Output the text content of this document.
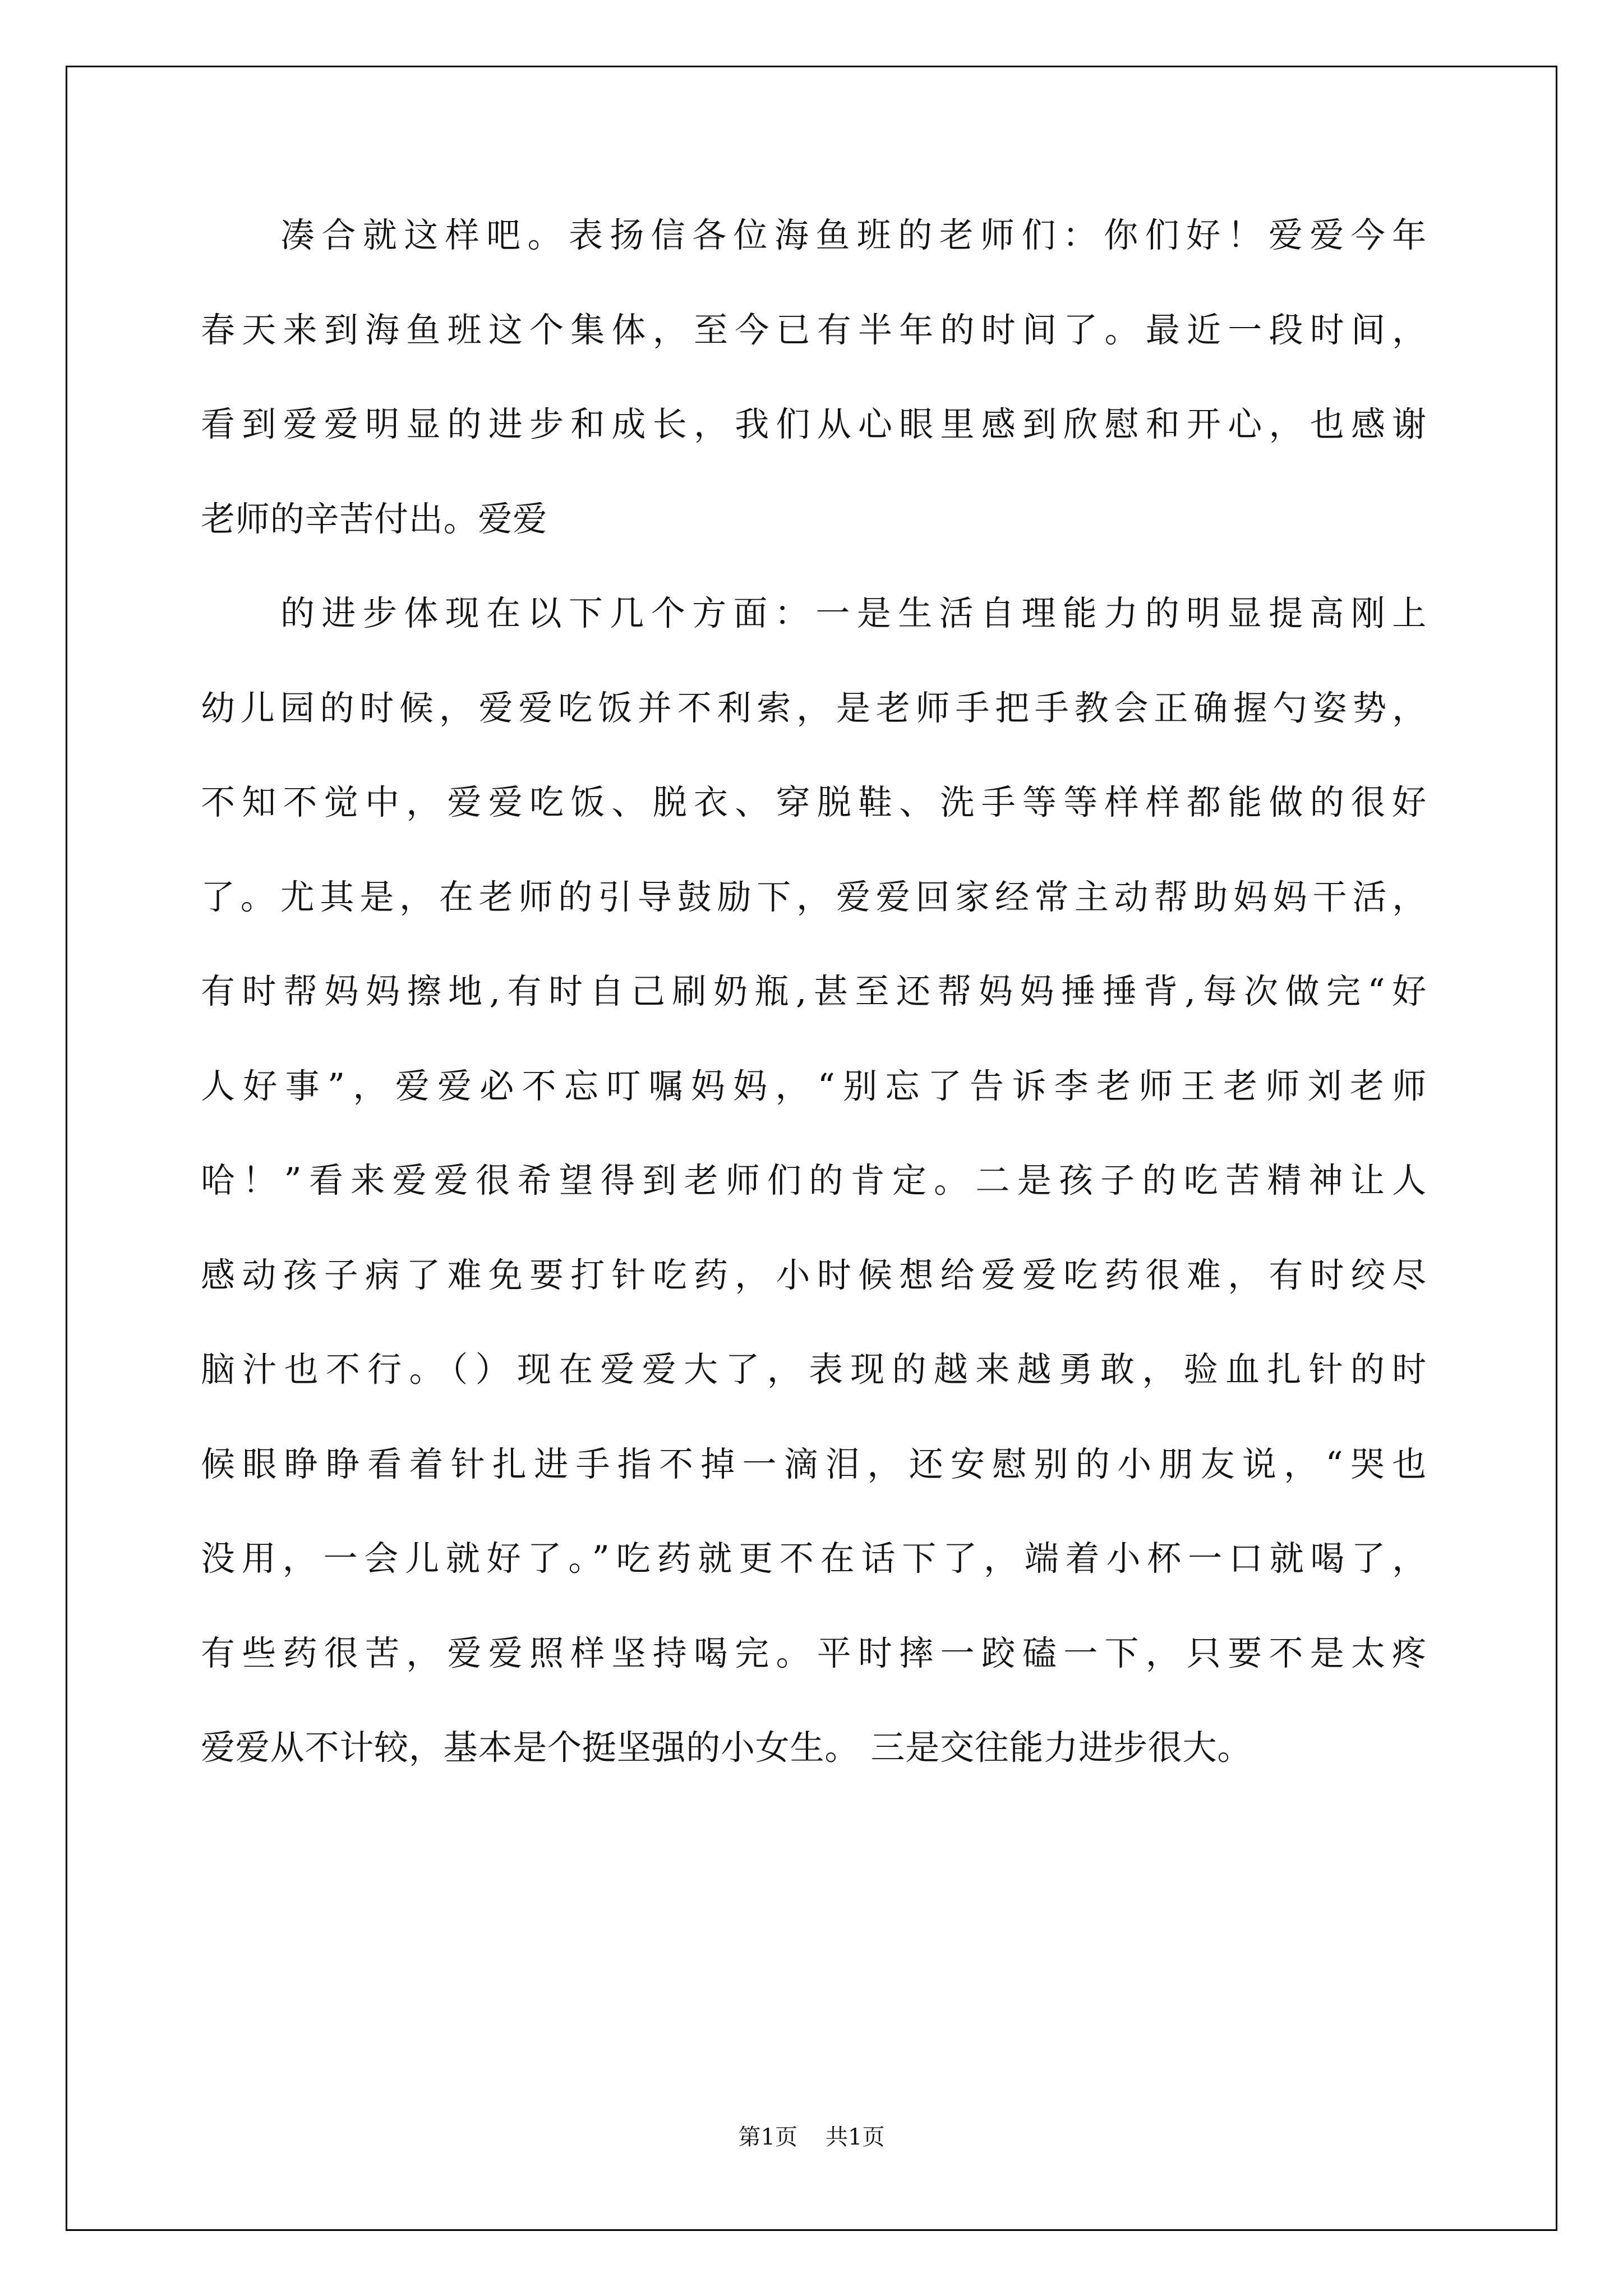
凑合就这样吧。表扬信各位海鱼班的老师们：你们好！爱爱今年
春天来到海鱼班这个集体，至今已有半年的时间了。最近一段时间，
看到爱爱明显的进步和成长，我们从心眼里感到欣慰和开心，也感谢
老师的辛苦付出。爱爱
的进步体现在以下几个方面：一是生活自理能力的明显提高刚上
幼儿园的时候，爱爱吃饭并不利索，是老师手把手教会正确握勺姿势，
不知不觉中，爱爱吃饭、脱衣、穿脱鞋、洗手等等样样都能做的很好
了。尤其是，在老师的引导鼓励下，爱爱回家经常主动帮助妈妈干活，
有时帮妈妈擦地,有时自己刷奶瓶,甚至还帮妈妈捶捶背,每次做完“好
人好事”，爱爱必不忘叮嘱妈妈，“别忘了告诉李老师王老师刘老师
哈！”看来爱爱很希望得到老师们的肯定。二是孩子的吃苦精神让人
感动孩子病了难免要打针吃药，小时候想给爱爱吃药很难，有时绞尽
脑汁也不行。（）现在爱爱大了，表现的越来越勇敢，验血扎针的时
候眼睁睁看着针扎进手指不掉一滴泪，还安慰别的小朋友说，“哭也
没用，一会儿就好了。”吃药就更不在话下了，端着小杯一口就喝了，
有些药很苦，爱爱照样坚持喝完。平时摔一跤磕一下，只要不是太疼
爱爱从不计较，基本是个挺坚强的小女生。 三是交往能力进步很大。
第1页 共1页
